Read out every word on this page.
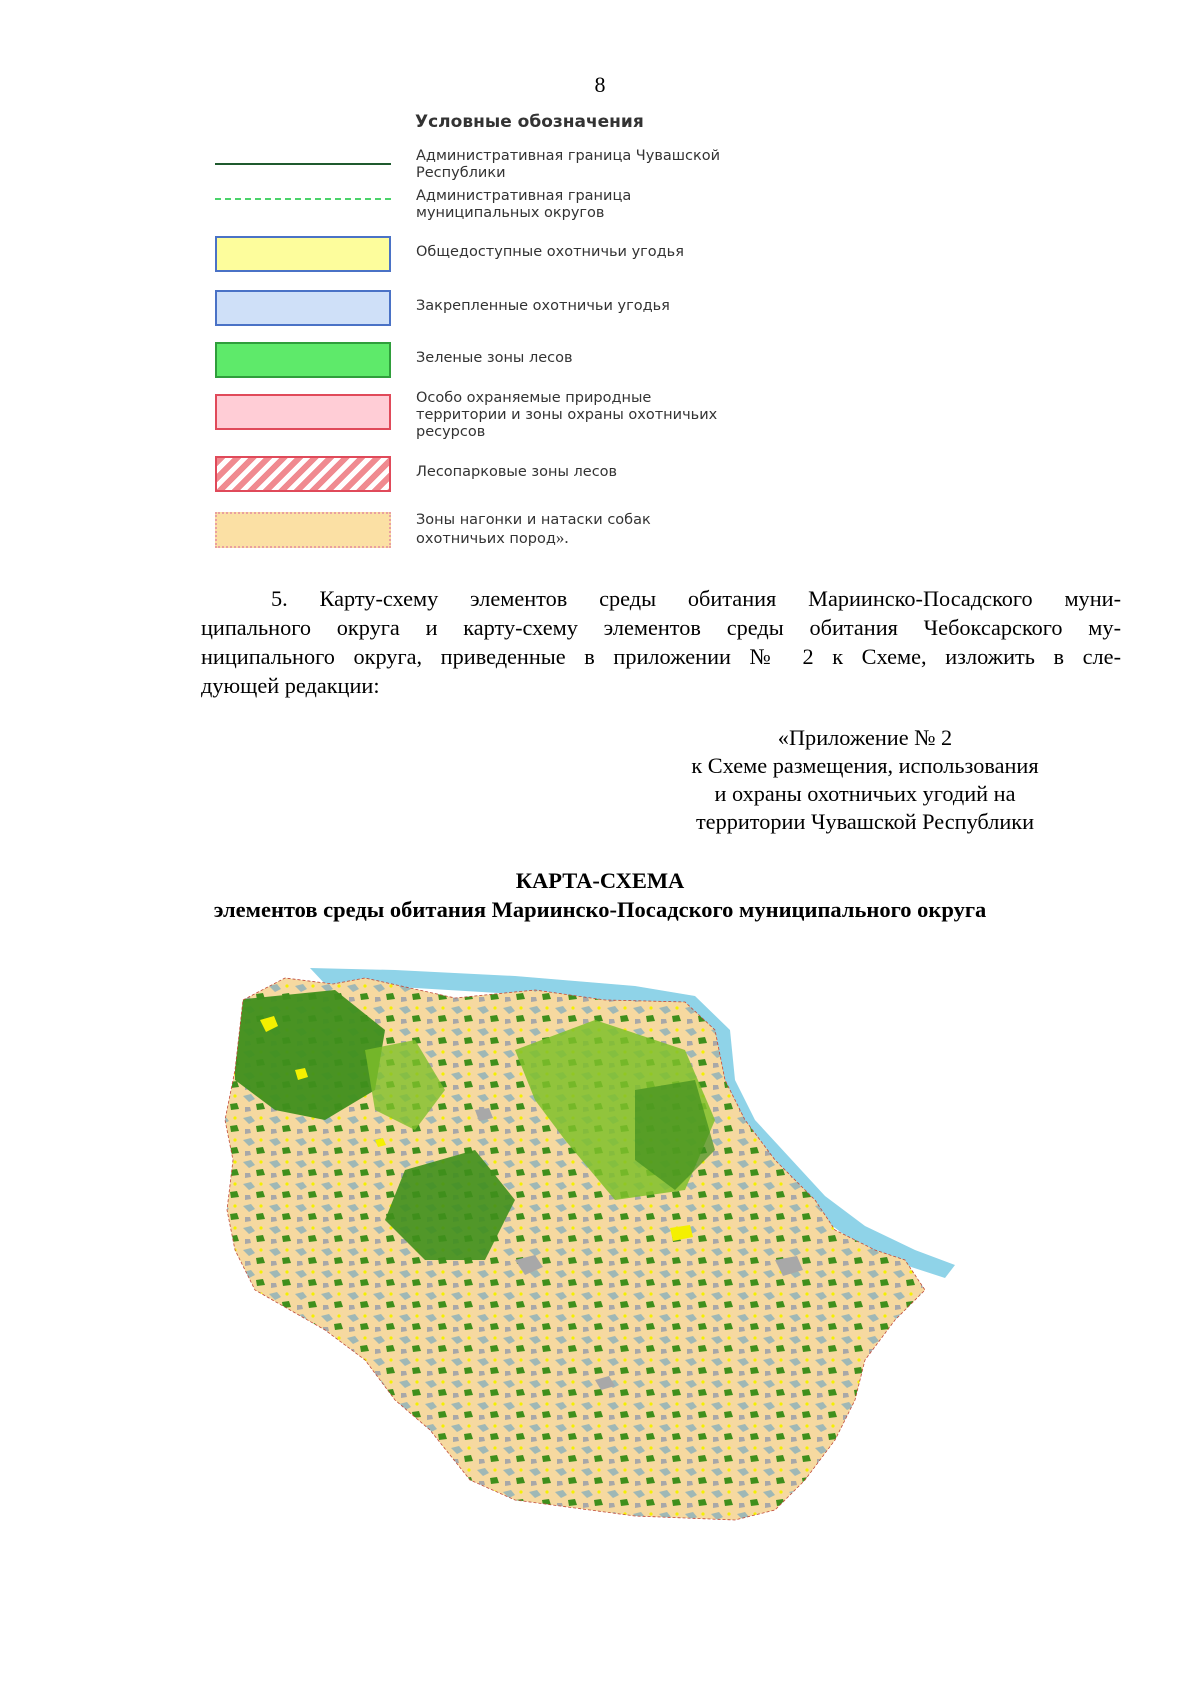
8
Условные обозначения
Административная граница Чувашской
Республики
Административная граница
муниципальных округов
Общедоступные охотничьи угодья
Закрепленные охотничьи угодья
Зеленые зоны лесов
Особо охраняемые природные
территории и зоны охраны охотничьих
ресурсов
Лесопарковые зоны лесов
Зоны нагонки и натаски собак
охотничьих пород».
5. Карту-схему элементов среды обитания Мариинско-Посадского муни-
ципального округа и карту-схему элементов среды обитания Чебоксарского му-
ниципального округа, приведенные в приложении № 2 к Схеме, изложить в сле-
дующей редакции:
«Приложение № 2
к Схеме размещения, использования
и охраны охотничьих угодий на
территории Чувашской Республики
КАРТА-СХЕМА
элементов среды обитания Мариинско-Посадского муниципального округа
